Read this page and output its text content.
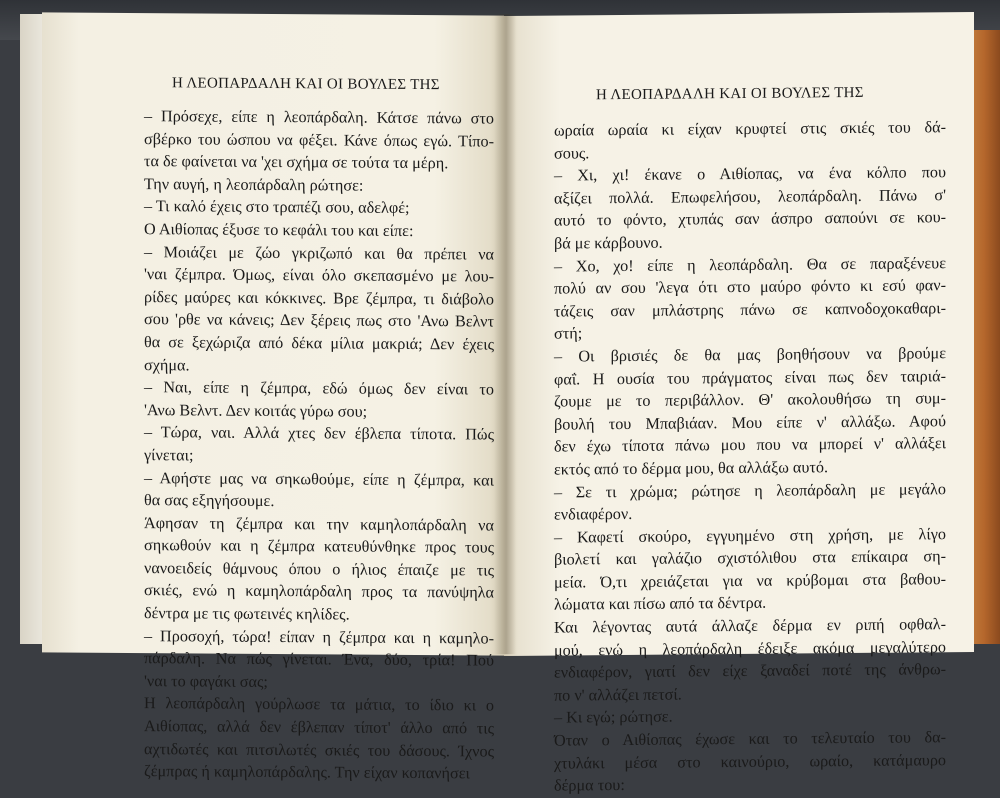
Η ΛΕΟΠΑΡΔΑΛΗ ΚΑΙ ΟΙ ΒΟΥΛΕΣ ΤΗΣ
– Πρόσεχε, είπε η λεοπάρδαλη. Κάτσε πάνω στο
σβέρκο του ώσπου να φέξει. Κάνε όπως εγώ. Τίπο-
τα δε φαίνεται να 'χει σχήμα σε τούτα τα μέρη.
Την αυγή, η λεοπάρδαλη ρώτησε:
– Τι καλό έχεις στο τραπέζι σου, αδελφέ;
Ο Αιθίοπας έξυσε το κεφάλι του και είπε:
– Μοιάζει με ζώο γκριζωπό και θα πρέπει να
'ναι ζέμπρα. Όμως, είναι όλο σκεπασμένο με λου-
ρίδες μαύρες και κόκκινες. Βρε ζέμπρα, τι διάβολο
σου 'ρθε να κάνεις; Δεν ξέρεις πως στο 'Ανω Βελντ
θα σε ξεχώριζα από δέκα μίλια μακριά; Δεν έχεις
σχήμα.
– Ναι, είπε η ζέμπρα, εδώ όμως δεν είναι το
'Ανω Βελντ. Δεν κοιτάς γύρω σου;
– Τώρα, ναι. Αλλά χτες δεν έβλεπα τίποτα. Πώς
γίνεται;
– Αφήστε μας να σηκωθούμε, είπε η ζέμπρα, και
θα σας εξηγήσουμε.
Άφησαν τη ζέμπρα και την καμηλοπάρδαλη να
σηκωθούν και η ζέμπρα κατευθύνθηκε προς τους
νανοειδείς θάμνους όπου ο ήλιος έπαιζε με τις
σκιές, ενώ η καμηλοπάρδαλη προς τα πανύψηλα
δέντρα με τις φωτεινές κηλίδες.
– Προσοχή, τώρα! είπαν η ζέμπρα και η καμηλο-
πάρδαλη. Να πώς γίνεται. Ένα, δύο, τρία! Πού
'ναι το φαγάκι σας;
Η λεοπάρδαλη γούρλωσε τα μάτια, το ίδιο κι ο
Αιθίοπας, αλλά δεν έβλεπαν τίποτ' άλλο από τις
αχτιδωτές και πιτσιλωτές σκιές του δάσους. Ίχνος
ζέμπρας ή καμηλοπάρδαλης. Την είχαν κοπανήσει
Η ΛΕΟΠΑΡΔΑΛΗ ΚΑΙ ΟΙ ΒΟΥΛΕΣ ΤΗΣ
ωραία ωραία κι είχαν κρυφτεί στις σκιές του δά-
σους.
– Χι, χι! έκανε ο Αιθίοπας, να ένα κόλπο που
αξίζει πολλά. Επωφελήσου, λεοπάρδαλη. Πάνω σ'
αυτό το φόντο, χτυπάς σαν άσπρο σαπούνι σε κου-
βά με κάρβουνο.
– Χο, χο! είπε η λεοπάρδαλη. Θα σε παραξένευε
πολύ αν σου 'λεγα ότι στο μαύρο φόντο κι εσύ φαν-
τάζεις σαν μπλάστρης πάνω σε καπνοδοχοκαθαρι-
στή;
– Οι βρισιές δε θα μας βοηθήσουν να βρούμε
φαΐ. Η ουσία του πράγματος είναι πως δεν ταιριά-
ζουμε με το περιβάλλον. Θ' ακολουθήσω τη συμ-
βουλή του Μπαβιάαν. Μου είπε ν' αλλάξω. Αφού
δεν έχω τίποτα πάνω μου που να μπορεί ν' αλλάξει
εκτός από το δέρμα μου, θα αλλάξω αυτό.
– Σε τι χρώμα; ρώτησε η λεοπάρδαλη με μεγάλο
ενδιαφέρον.
– Καφετί σκούρο, εγγυημένο στη χρήση, με λίγο
βιολετί και γαλάζιο σχιστόλιθου στα επίκαιρα ση-
μεία. Ό,τι χρειάζεται για να κρύβομαι στα βαθου-
λώματα και πίσω από τα δέντρα.
Και λέγοντας αυτά άλλαζε δέρμα εν ριπή οφθαλ-
μού, ενώ η λεοπάρδαλη έδειξε ακόμα μεγαλύτερο
ενδιαφέρον, γιατί δεν είχε ξαναδεί ποτέ της άνθρω-
πο ν' αλλάζει πετσί.
– Κι εγώ; ρώτησε.
Όταν ο Αιθίοπας έχωσε και το τελευταίο του δα-
χτυλάκι μέσα στο καινούριο, ωραίο, κατάμαυρο
δέρμα του:
